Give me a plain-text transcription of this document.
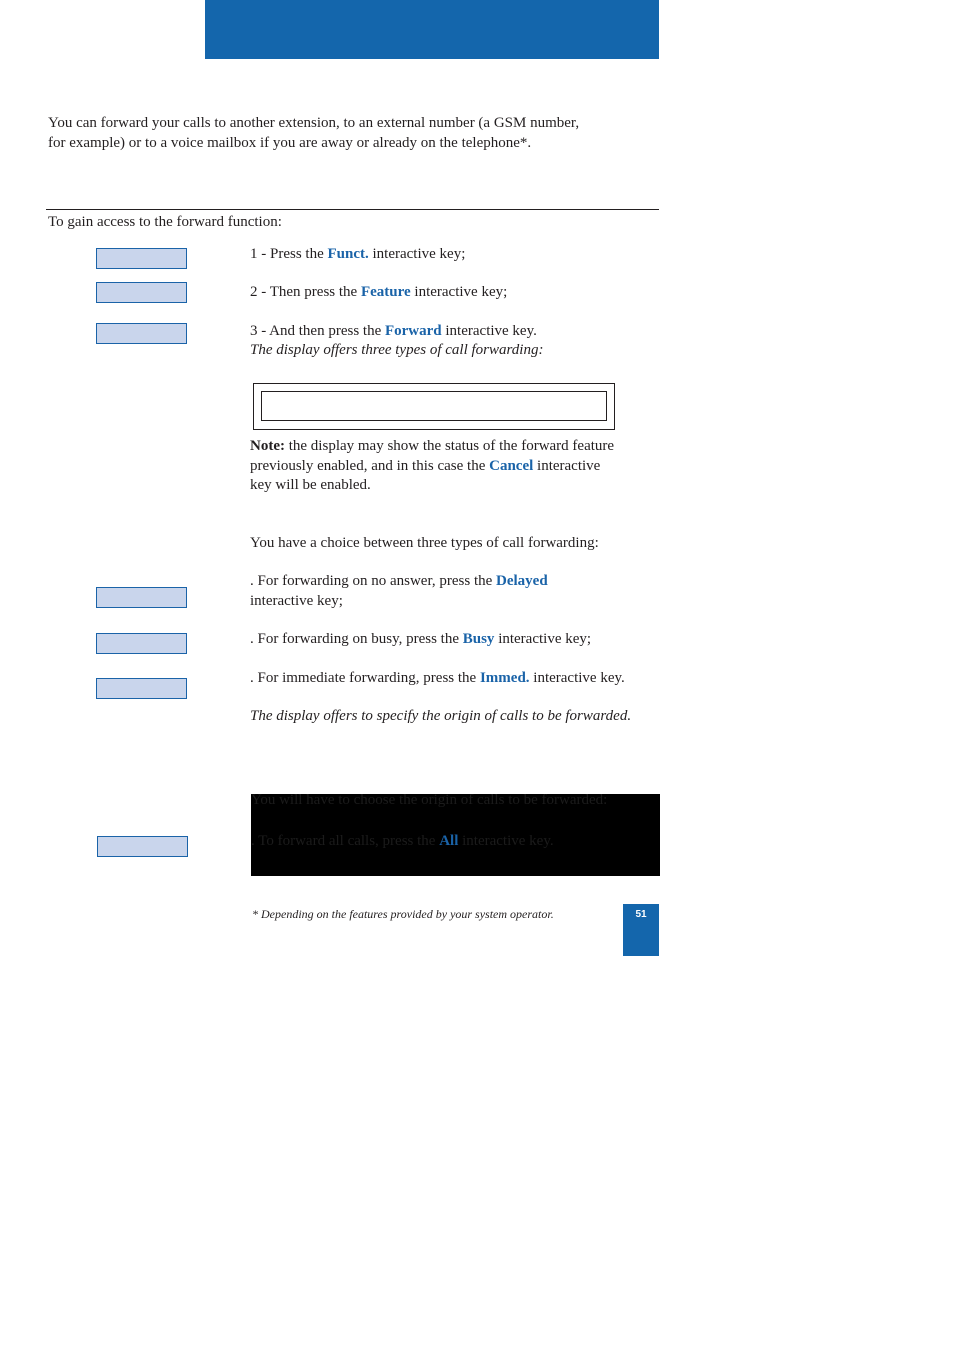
You can forward your calls to another extension, to an external number (a GSM number,
for example) or to a voice mailbox if you are away or already on the telephone*.
To gain access to the forward function:
1 - Press the Funct. interactive key;
2 - Then press the Feature interactive key;
3 - And then press the Forward interactive key.
The display offers three types of call forwarding:
Note: the display may show the status of the forward feature
previously enabled, and in this case the Cancel interactive
key will be enabled.
You have a choice between three types of call forwarding:
. For forwarding on no answer, press the Delayed
interactive key;
. For forwarding on busy, press the Busy interactive key;
. For immediate forwarding, press the Immed. interactive key.
The display offers to specify the origin of calls to be forwarded.
You will have to choose the origin of calls to be forwarded:
. To forward all calls, press the All interactive key.
* Depending on the features provided by your system operator.	51
